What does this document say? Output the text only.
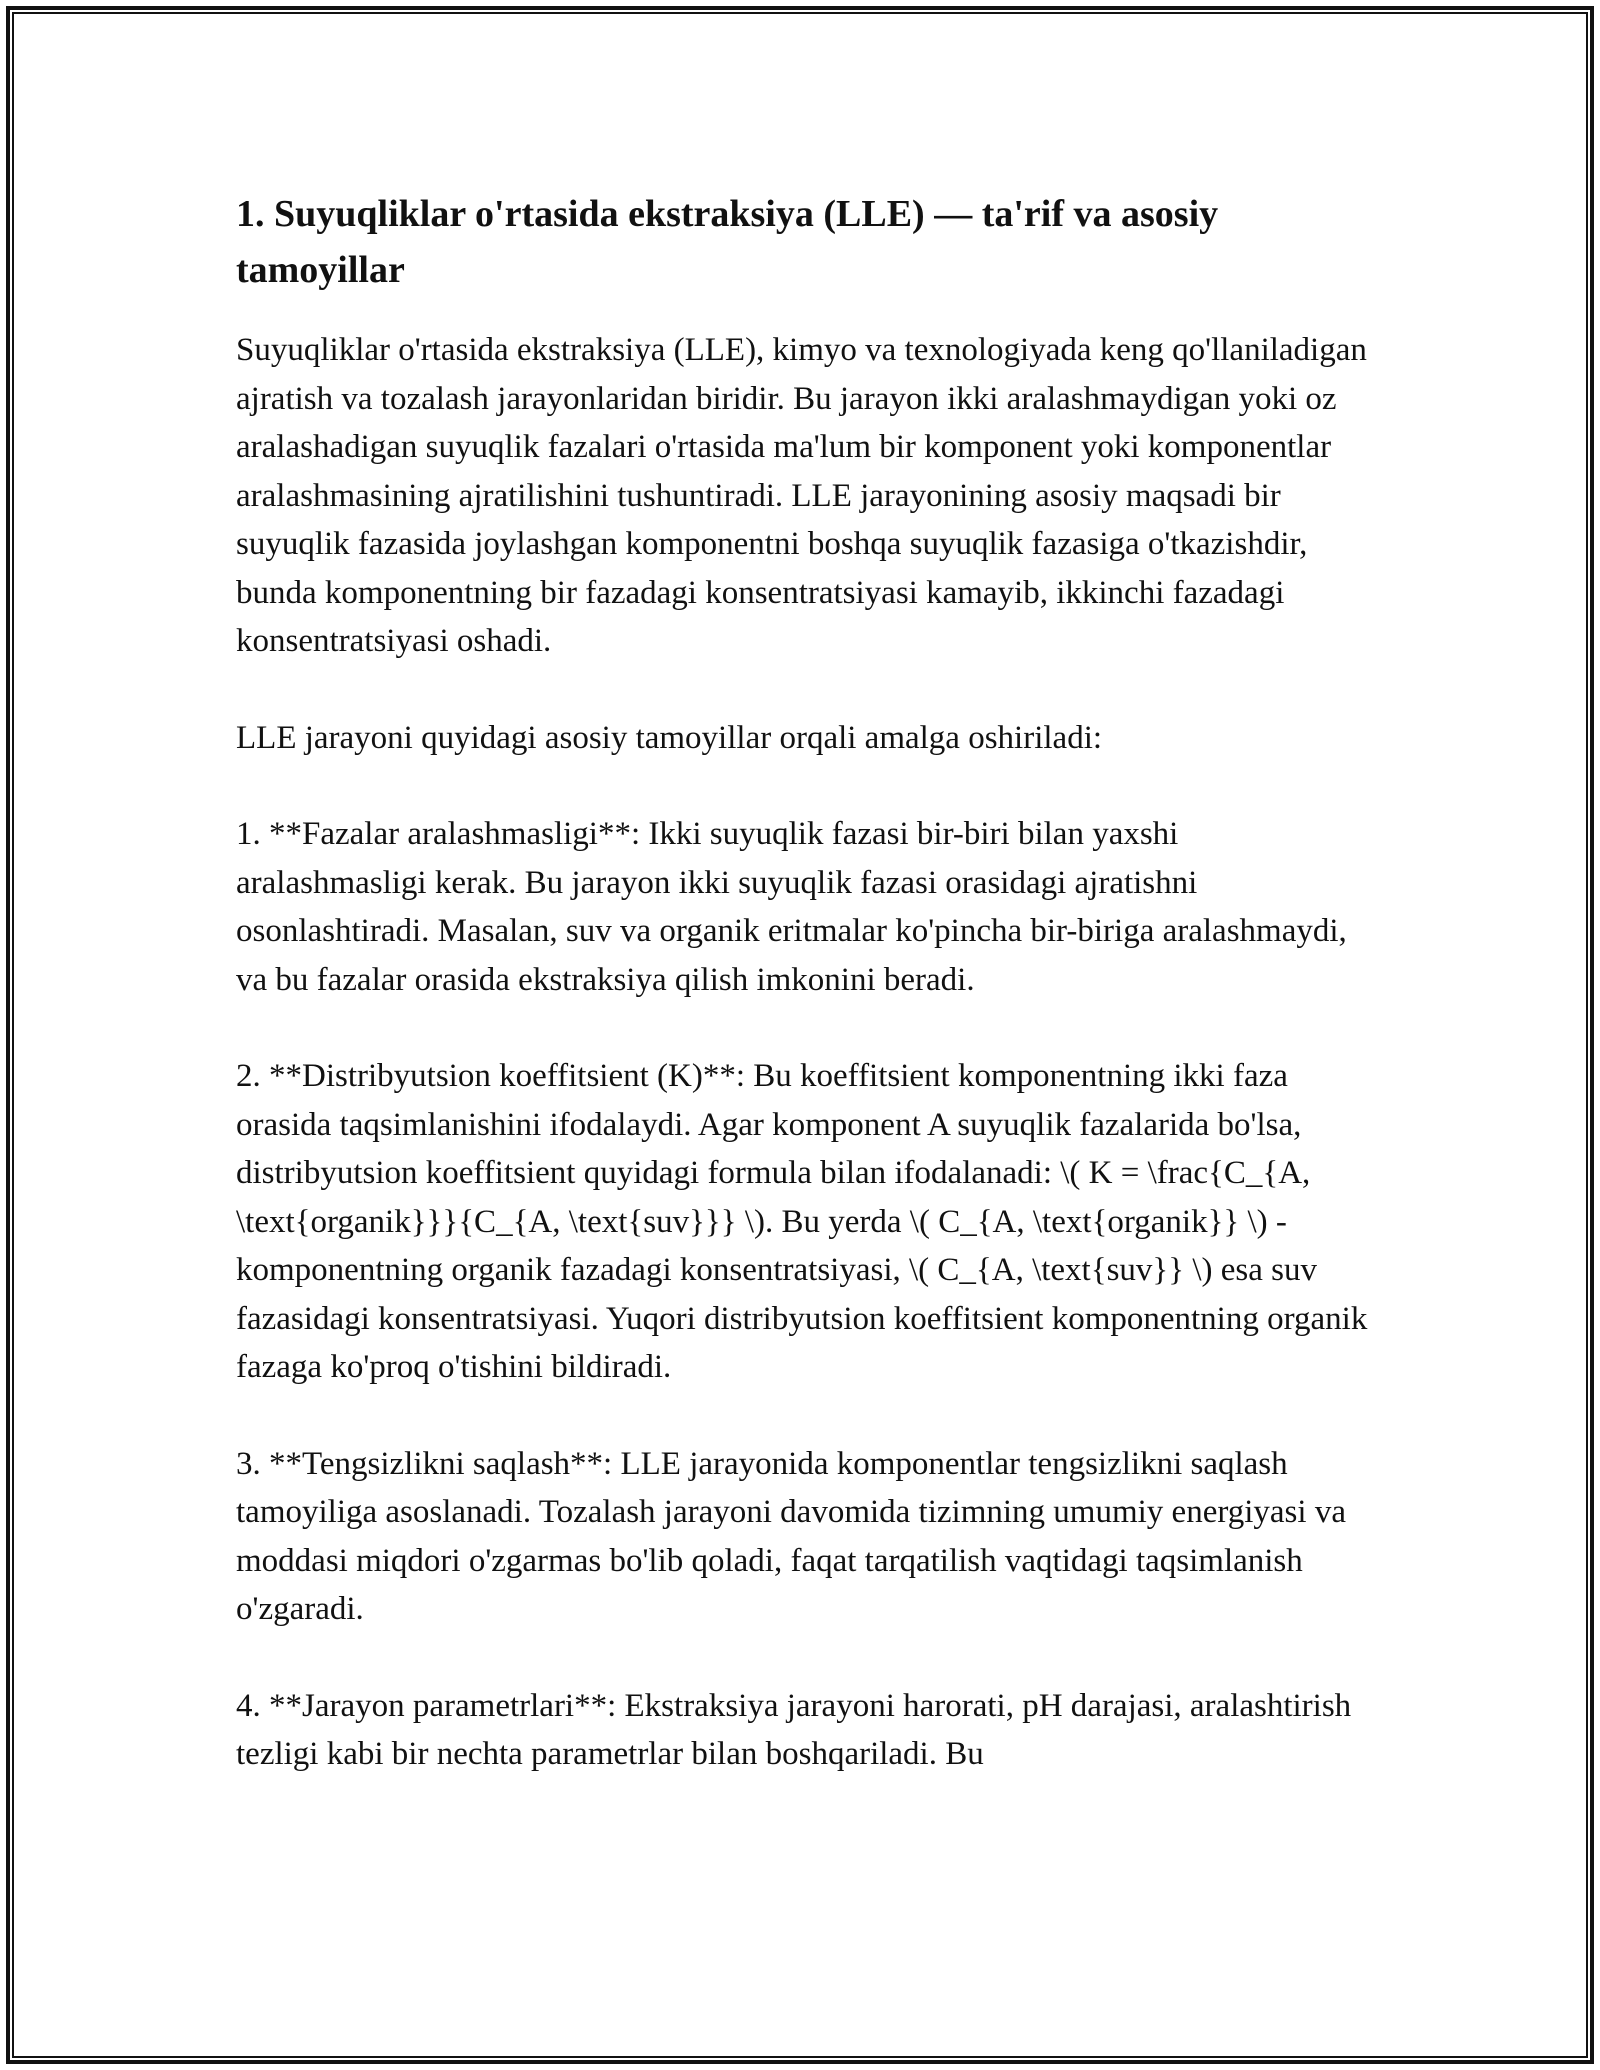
1. Suyuqliklar o'rtasida ekstraksiya (LLE) — ta'rif va asosiy tamoyillar

Suyuqliklar o'rtasida ekstraksiya (LLE), kimyo va texnologiyada keng qo'llaniladigan ajratish va tozalash jarayonlaridan biridir. Bu jarayon ikki aralashmaydigan yoki oz aralashadigan suyuqlik fazalari o'rtasida ma'lum bir komponent yoki komponentlar aralashmasining ajratilishini tushuntiradi. LLE jarayonining asosiy maqsadi bir suyuqlik fazasida joylashgan komponentni boshqa suyuqlik fazasiga o'tkazishdir, bunda komponentning bir fazadagi konsentratsiyasi kamayib, ikkinchi fazadagi konsentratsiyasi oshadi.

LLE jarayoni quyidagi asosiy tamoyillar orqali amalga oshiriladi:

1. **Fazalar aralashmasligi**: Ikki suyuqlik fazasi bir-biri bilan yaxshi aralashmasligi kerak. Bu jarayon ikki suyuqlik fazasi orasidagi ajratishni osonlashtiradi. Masalan, suv va organik eritmalar ko'pincha bir-biriga aralashmaydi, va bu fazalar orasida ekstraksiya qilish imkonini beradi.

2. **Distribyutsion koeffitsient (K)**: Bu koeffitsient komponentning ikki faza orasida taqsimlanishini ifodalaydi. Agar komponent A suyuqlik fazalarida bo'lsa, distribyutsion koeffitsient quyidagi formula bilan ifodalanadi: \( K = \frac{C_{A, \text{organik}}}{C_{A, \text{suv}}} \). Bu yerda \( C_{A, \text{organik}} \) - komponentning organik fazadagi konsentratsiyasi, \( C_{A, \text{suv}} \) esa suv fazasidagi konsentratsiyasi. Yuqori distribyutsion koeffitsient komponentning organik fazaga ko'proq o'tishini bildiradi.

3. **Tengsizlikni saqlash**: LLE jarayonida komponentlar tengsizlikni saqlash tamoyiliga asoslanadi. Tozalash jarayoni davomida tizimning umumiy energiyasi va moddasi miqdori o'zgarmas bo'lib qoladi, faqat tarqatilish vaqtidagi taqsimlanish o'zgaradi.

4. **Jarayon parametrlari**: Ekstraksiya jarayoni harorati, pH darajasi, aralashtirish tezligi kabi bir nechta parametrlar bilan boshqariladi. Bu
